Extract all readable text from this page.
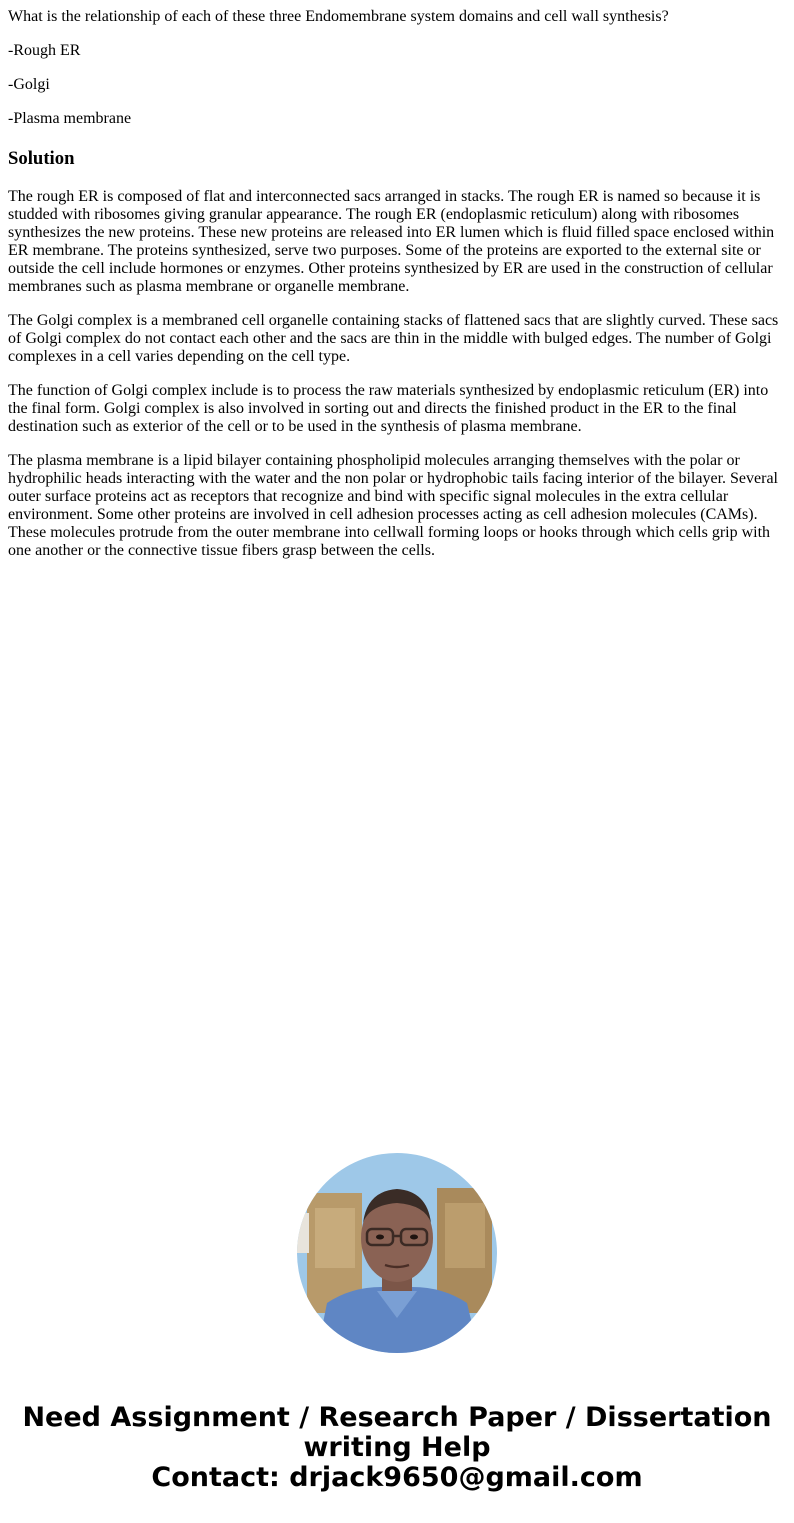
What is the relationship of each of these three Endomembrane system domains and cell wall synthesis?

-Rough ER

-Golgi

-Plasma membrane

Solution

The rough ER is composed of flat and interconnected sacs arranged in stacks. The rough ER is named so because it is studded with ribosomes giving granular appearance. The rough ER (endoplasmic reticulum) along with ribosomes synthesizes the new proteins. These new proteins are released into ER lumen which is fluid filled space enclosed within ER membrane. The proteins synthesized, serve two purposes. Some of the proteins are exported to the external site or outside the cell include hormones or enzymes. Other proteins synthesized by ER are used in the construction of cellular membranes such as plasma membrane or organelle membrane.

The Golgi complex is a membraned cell organelle containing stacks of flattened sacs that are slightly curved. These sacs of Golgi complex do not contact each other and the sacs are thin in the middle with bulged edges. The number of Golgi complexes in a cell varies depending on the cell type.

The function of Golgi complex include is to process the raw materials synthesized by endoplasmic reticulum (ER) into the final form. Golgi complex is also involved in sorting out and directs the finished product in the ER to the final destination such as exterior of the cell or to be used in the synthesis of plasma membrane.

The plasma membrane is a lipid bilayer containing phospholipid molecules arranging themselves with the polar or hydrophilic heads interacting with the water and the non polar or hydrophobic tails facing interior of the bilayer. Several outer surface proteins act as receptors that recognize and bind with specific signal molecules in the extra cellular environment. Some other proteins are involved in cell adhesion processes acting as cell adhesion molecules (CAMs). These molecules protrude from the outer membrane into cellwall forming loops or hooks through which cells grip with one another or the connective tissue fibers grasp between the cells.

Need Assignment / Research Paper / Dissertation writing Help
Contact: drjack9650@gmail.com
